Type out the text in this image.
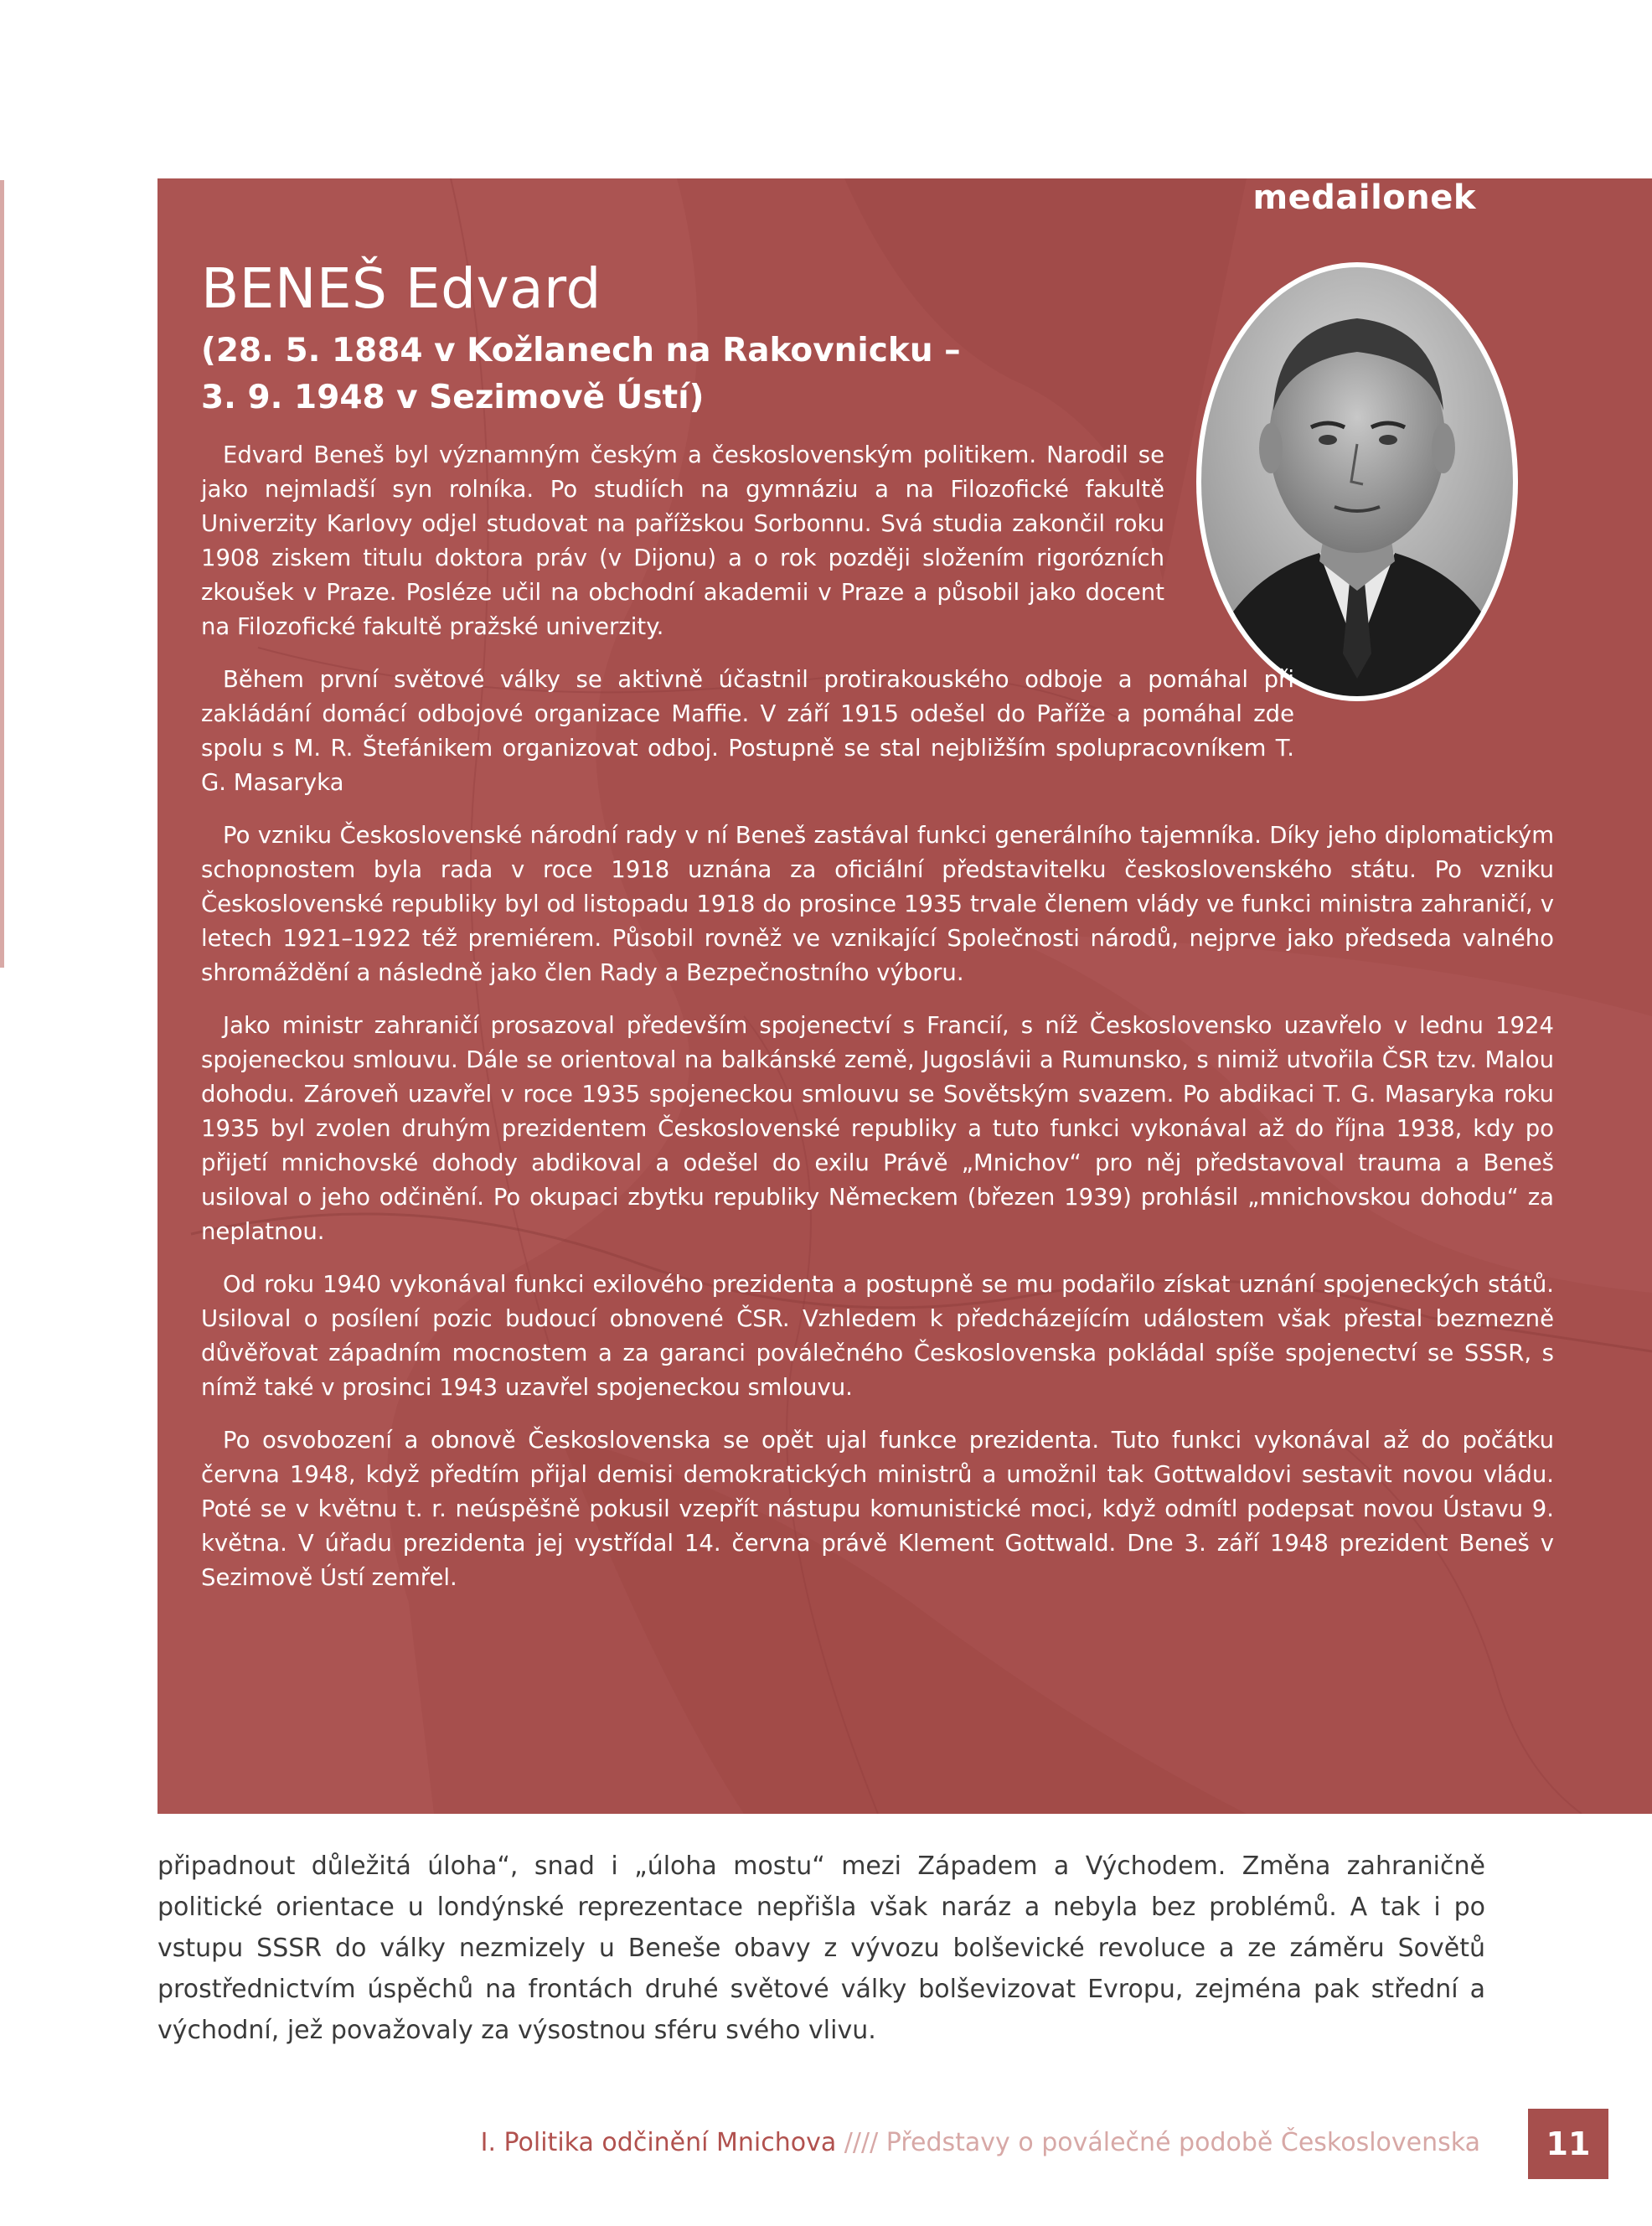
medailonek
BENEŠ Edvard
(28. 5. 1884 v Kožlanech na Rakovnicku –
3. 9. 1948 v Sezimově Ústí)

Edvard Beneš byl významným českým a československým politikem. Narodil se jako nejmladší syn rolníka. Po studiích na gymnáziu a na Filozofické fakultě Univerzity Karlovy odjel studovat na pařížskou Sorbonnu. Svá studia zakončil roku 1908 ziskem titulu doktora práv (v Dijonu) a o rok později složením rigorózních zkoušek v Praze. Posléze učil na obchodní akademii v Praze a působil jako docent na Filozofické fakultě pražské univerzity.

Během první světové války se aktivně účastnil protirakouského odboje a pomáhal při zakládání domácí odbojové organizace Maffie. V září 1915 odešel do Paříže a pomáhal zde spolu s M. R. Štefánikem organizovat odboj. Postupně se stal nejbližším spolupracovníkem T. G. Masaryka

Po vzniku Československé národní rady v ní Beneš zastával funkci generálního tajemníka. Díky jeho diplomatickým schopnostem byla rada v roce 1918 uznána za oficiální představitelku československého státu. Po vzniku Československé republiky byl od listopadu 1918 do prosince 1935 trvale členem vlády ve funkci ministra zahraničí, v letech 1921–1922 též premiérem. Působil rovněž ve vznikající Společnosti národů, nejprve jako předseda valného shromáždění a následně jako člen Rady a Bezpečnostního výboru.

Jako ministr zahraničí prosazoval především spojenectví s Francií, s níž Československo uzavřelo v lednu 1924 spojeneckou smlouvu. Dále se orientoval na balkánské země, Jugoslávii a Rumunsko, s nimiž utvořila ČSR tzv. Malou dohodu. Zároveň uzavřel v roce 1935 spojeneckou smlouvu se Sovětským svazem. Po abdikaci T. G. Masaryka roku 1935 byl zvolen druhým prezidentem Československé republiky a tuto funkci vykonával až do října 1938, kdy po přijetí mnichovské dohody abdikoval a odešel do exilu Právě „Mnichov“ pro něj představoval trauma a Beneš usiloval o jeho odčinění. Po okupaci zbytku republiky Německem (březen 1939) prohlásil „mnichovskou dohodu“ za neplatnou.

Od roku 1940 vykonával funkci exilového prezidenta a postupně se mu podařilo získat uznání spojeneckých států. Usiloval o posílení pozic budoucí obnovené ČSR. Vzhledem k předcházejícím událostem však přestal bezmezně důvěřovat západním mocnostem a za garanci poválečného Československa pokládal spíše spojenectví se SSSR, s nímž také v prosinci 1943 uzavřel spojeneckou smlouvu.

Po osvobození a obnově Československa se opět ujal funkce prezidenta. Tuto funkci vykonával až do počátku června 1948, když předtím přijal demisi demokratických ministrů a umožnil tak Gottwaldovi sestavit novou vládu. Poté se v květnu t. r. neúspěšně pokusil vzepřít nástupu komunistické moci, když odmítl podepsat novou Ústavu 9. května. V úřadu prezidenta jej vystřídal 14. června právě Klement Gottwald. Dne 3. září 1948 prezident Beneš v Sezimově Ústí zemřel.

připadnout důležitá úloha“, snad i „úloha mostu“ mezi Západem a Východem. Změna zahraničně politické orientace u londýnské reprezentace nepřišla však naráz a nebyla bez problémů. A tak i po vstupu SSSR do války nezmizely u Beneše obavy z vývozu bolševické revoluce a ze záměru Sovětů prostřednictvím úspěchů na frontách druhé světové války bolševizovat Evropu, zejména pak střední a východní, jež považovaly za výsostnou sféru svého vlivu.

I. Politika odčinění Mnichova //// Představy o poválečné podobě Československa 11
